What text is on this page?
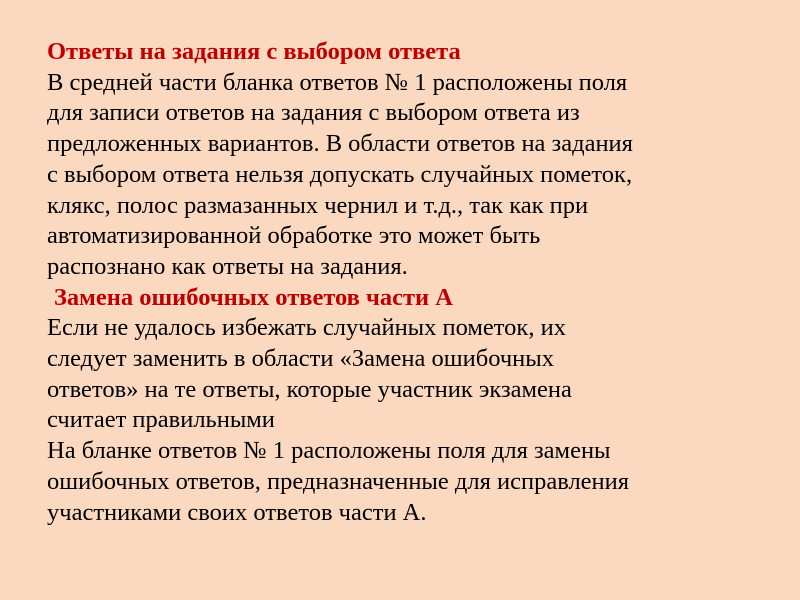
Ответы на задания с выбором ответа
В средней части бланка ответов № 1 расположены поля
для записи ответов на задания с выбором ответа из
предложенных вариантов. В области ответов на задания
с выбором ответа нельзя допускать случайных пометок,
клякс, полос размазанных чернил и т.д., так как при
автоматизированной обработке это может быть
распознано как ответы на задания.
Замена ошибочных ответов части А
Если не удалось избежать случайных пометок, их
следует заменить в области «Замена ошибочных
ответов» на те ответы, которые участник экзамена
считает правильными
На бланке ответов № 1 расположены поля для замены
ошибочных ответов, предназначенные для исправления
участниками своих ответов части А.
